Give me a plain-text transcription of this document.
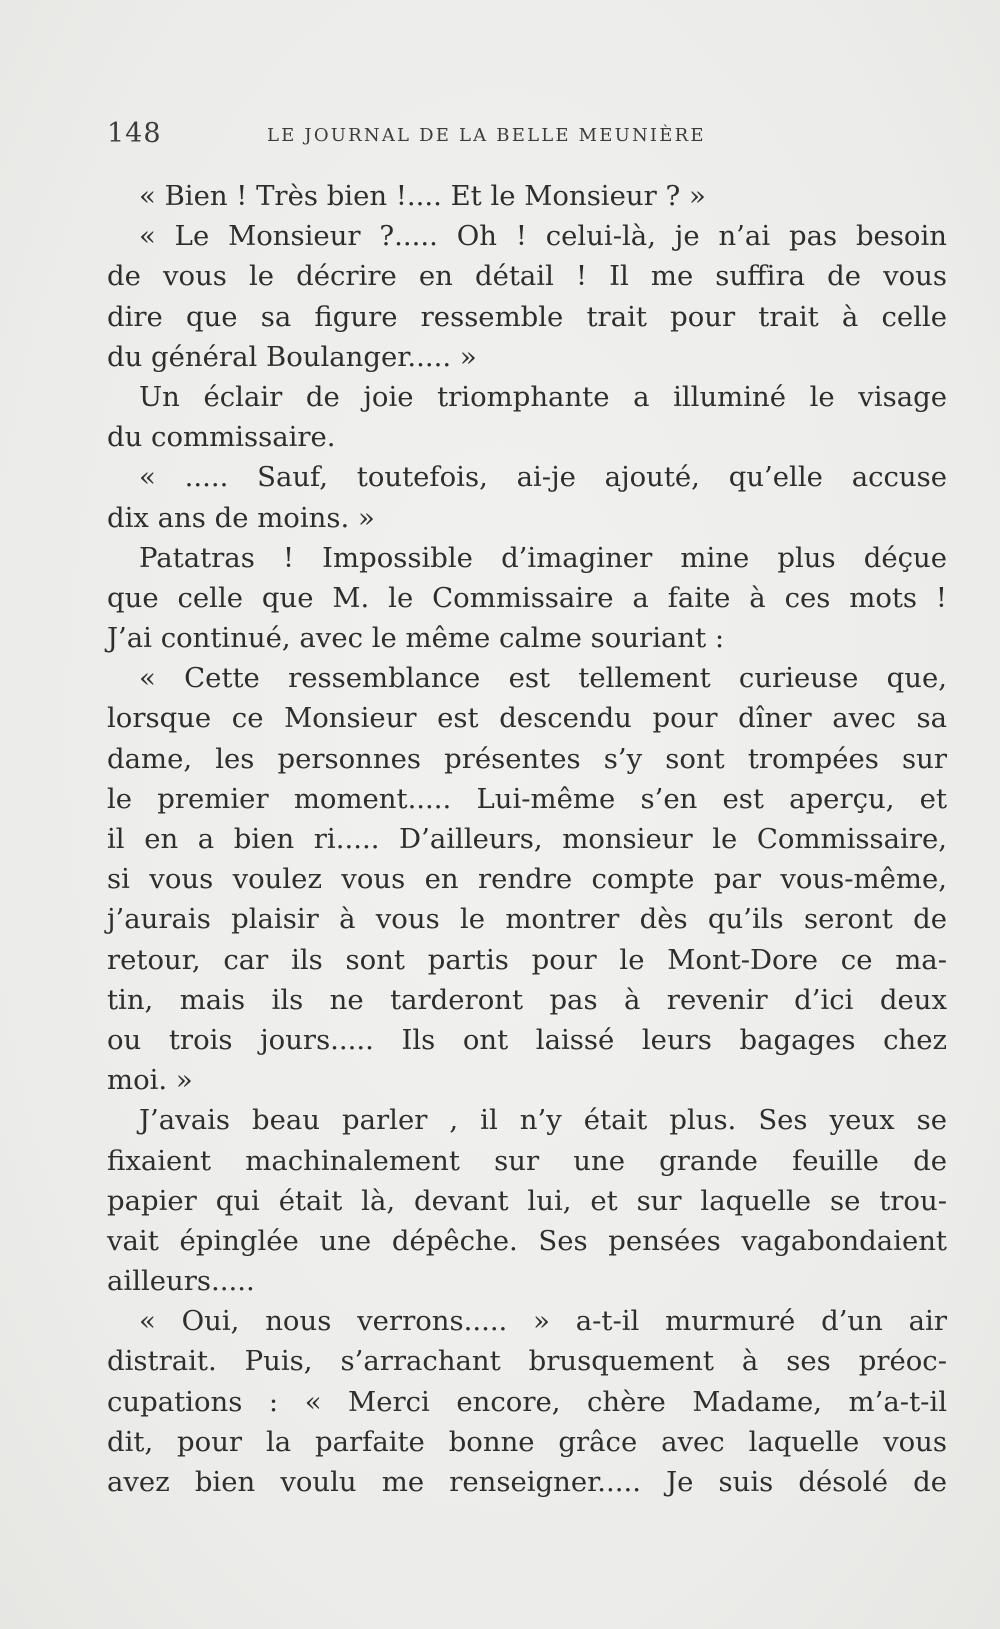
148	LE JOURNAL DE LA BELLE MEUNIÈRE
« Bien ! Très bien !.... Et le Monsieur ? »
« Le Monsieur ?..... Oh ! celui-là, je n’ai pas besoin
de vous le décrire en détail ! Il me suffira de vous
dire que sa figure ressemble trait pour trait à celle
du général Boulanger..... »
Un éclair de joie triomphante a illuminé le visage
du commissaire.
« ..... Sauf, toutefois, ai-je ajouté, qu’elle accuse
dix ans de moins. »
Patatras ! Impossible d’imaginer mine plus déçue
que celle que M. le Commissaire a faite à ces mots !
J’ai continué, avec le même calme souriant :
« Cette ressemblance est tellement curieuse que,
lorsque ce Monsieur est descendu pour dîner avec sa
dame, les personnes présentes s’y sont trompées sur
le premier moment..... Lui-même s’en est aperçu, et
il en a bien ri..... D’ailleurs, monsieur le Commissaire,
si vous voulez vous en rendre compte par vous-même,
j’aurais plaisir à vous le montrer dès qu’ils seront de
retour, car ils sont partis pour le Mont-Dore ce ma-
tin, mais ils ne tarderont pas à revenir d’ici deux
ou trois jours..... Ils ont laissé leurs bagages chez
moi. »
J’avais beau parler , il n’y était plus. Ses yeux se
fixaient machinalement sur une grande feuille de
papier qui était là, devant lui, et sur laquelle se trou-
vait épinglée une dépêche. Ses pensées vagabondaient
ailleurs.....
« Oui, nous verrons..... » a-t-il murmuré d’un air
distrait. Puis, s’arrachant brusquement à ses préoc-
cupations : « Merci encore, chère Madame, m’a-t-il
dit, pour la parfaite bonne grâce avec laquelle vous
avez bien voulu me renseigner..... Je suis désolé de
